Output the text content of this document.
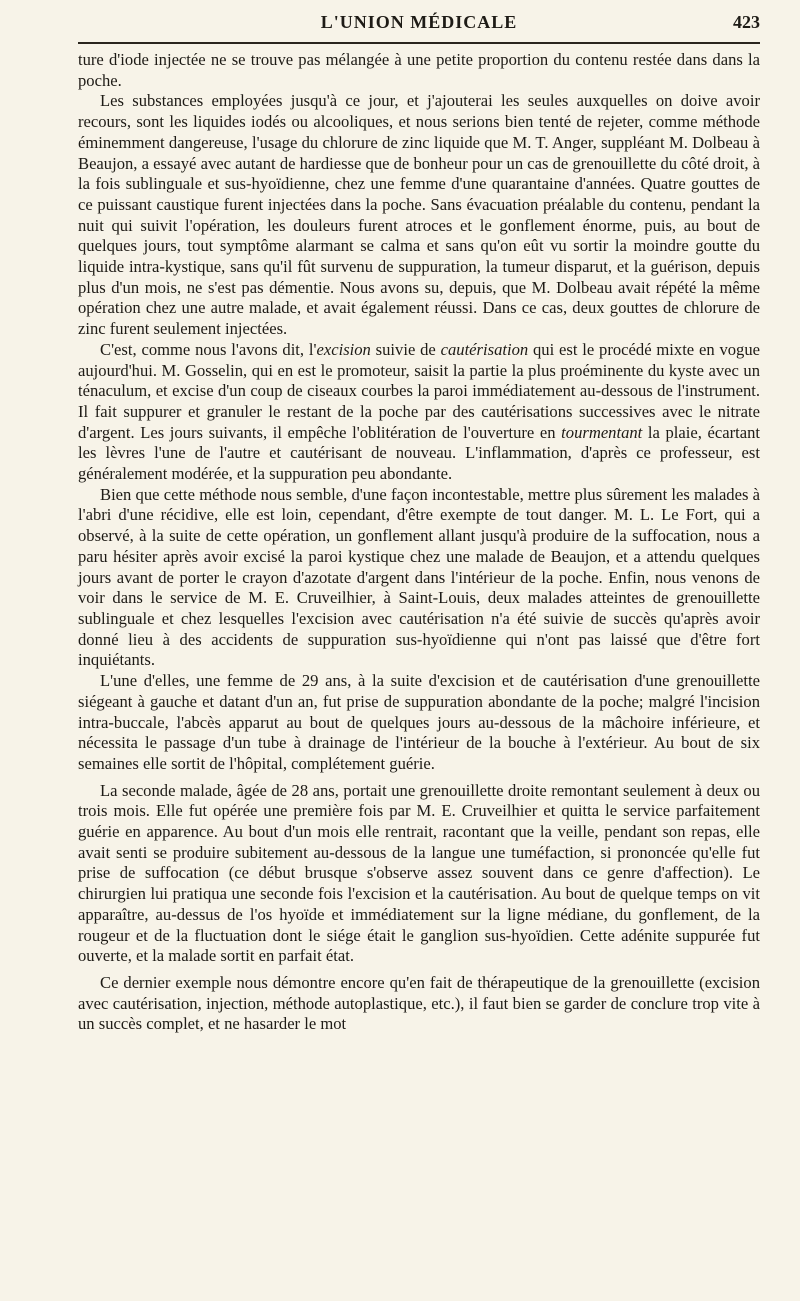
L'UNION MÉDICALE	423

ture d'iode injectée ne se trouve pas mélangée à une petite proportion du contenu restée dans dans la poche.

Les substances employées jusqu'à ce jour, et j'ajouterai les seules auxquelles on doive avoir recours, sont les liquides iodés ou alcooliques, et nous serions bien tenté de rejeter, comme méthode éminemment dangereuse, l'usage du chlorure de zinc liquide que M. T. Anger, suppléant M. Dolbeau à Beaujon, a essayé avec autant de hardiesse que de bonheur pour un cas de grenouillette du côté droit, à la fois sublinguale et sus-hyoïdienne, chez une femme d'une quarantaine d'années. Quatre gouttes de ce puissant caustique furent injectées dans la poche. Sans évacuation préalable du contenu, pendant la nuit qui suivit l'opération, les douleurs furent atroces et le gonflement énorme, puis, au bout de quelques jours, tout symptôme alarmant se calma et sans qu'on eût vu sortir la moindre goutte du liquide intra-kystique, sans qu'il fût survenu de suppuration, la tumeur disparut, et la guérison, depuis plus d'un mois, ne s'est pas démentie. Nous avons su, depuis, que M. Dolbeau avait répété la même opération chez une autre malade, et avait également réussi. Dans ce cas, deux gouttes de chlorure de zinc furent seulement injectées.

C'est, comme nous l'avons dit, l'excision suivie de cautérisation qui est le procédé mixte en vogue aujourd'hui. M. Gosselin, qui en est le promoteur, saisit la partie la plus proéminente du kyste avec un ténaculum, et excise d'un coup de ciseaux courbes la paroi immédiatement au-dessous de l'instrument. Il fait suppurer et granuler le restant de la poche par des cautérisations successives avec le nitrate d'argent. Les jours suivants, il empêche l'oblitération de l'ouverture en tourmentant la plaie, écartant les lèvres l'une de l'autre et cautérisant de nouveau. L'inflammation, d'après ce professeur, est généralement modérée, et la suppuration peu abondante.

Bien que cette méthode nous semble, d'une façon incontestable, mettre plus sûrement les malades à l'abri d'une récidive, elle est loin, cependant, d'être exempte de tout danger. M. L. Le Fort, qui a observé, à la suite de cette opération, un gonflement allant jusqu'à produire de la suffocation, nous a paru hésiter après avoir excisé la paroi kystique chez une malade de Beaujon, et a attendu quelques jours avant de porter le crayon d'azotate d'argent dans l'intérieur de la poche. Enfin, nous venons de voir dans le service de M. E. Cruveilhier, à Saint-Louis, deux malades atteintes de grenouillette sublinguale et chez lesquelles l'excision avec cautérisation n'a été suivie de succès qu'après avoir donné lieu à des accidents de suppuration sus-hyoïdienne qui n'ont pas laissé que d'être fort inquiétants.

L'une d'elles, une femme de 29 ans, à la suite d'excision et de cautérisation d'une grenouillette siégeant à gauche et datant d'un an, fut prise de suppuration abondante de la poche; malgré l'incision intra-buccale, l'abcès apparut au bout de quelques jours au-dessous de la mâchoire inférieure, et nécessita le passage d'un tube à drainage de l'intérieur de la bouche à l'extérieur. Au bout de six semaines elle sortit de l'hôpital, complétement guérie.

La seconde malade, âgée de 28 ans, portait une grenouillette droite remontant seulement à deux ou trois mois. Elle fut opérée une première fois par M. E. Cruveilhier et quitta le service parfaitement guérie en apparence. Au bout d'un mois elle rentrait, racontant que la veille, pendant son repas, elle avait senti se produire subitement au-dessous de la langue une tuméfaction, si prononcée qu'elle fut prise de suffocation (ce début brusque s'observe assez souvent dans ce genre d'affection). Le chirurgien lui pratiqua une seconde fois l'excision et la cautérisation. Au bout de quelque temps on vit apparaître, au-dessus de l'os hyoïde et immédiatement sur la ligne médiane, du gonflement, de la rougeur et de la fluctuation dont le siége était le ganglion sus-hyoïdien. Cette adénite suppurée fut ouverte, et la malade sortit en parfait état.

Ce dernier exemple nous démontre encore qu'en fait de thérapeutique de la grenouillette (excision avec cautérisation, injection, méthode autoplastique, etc.), il faut bien se garder de conclure trop vite à un succès complet, et ne hasarder le mot
